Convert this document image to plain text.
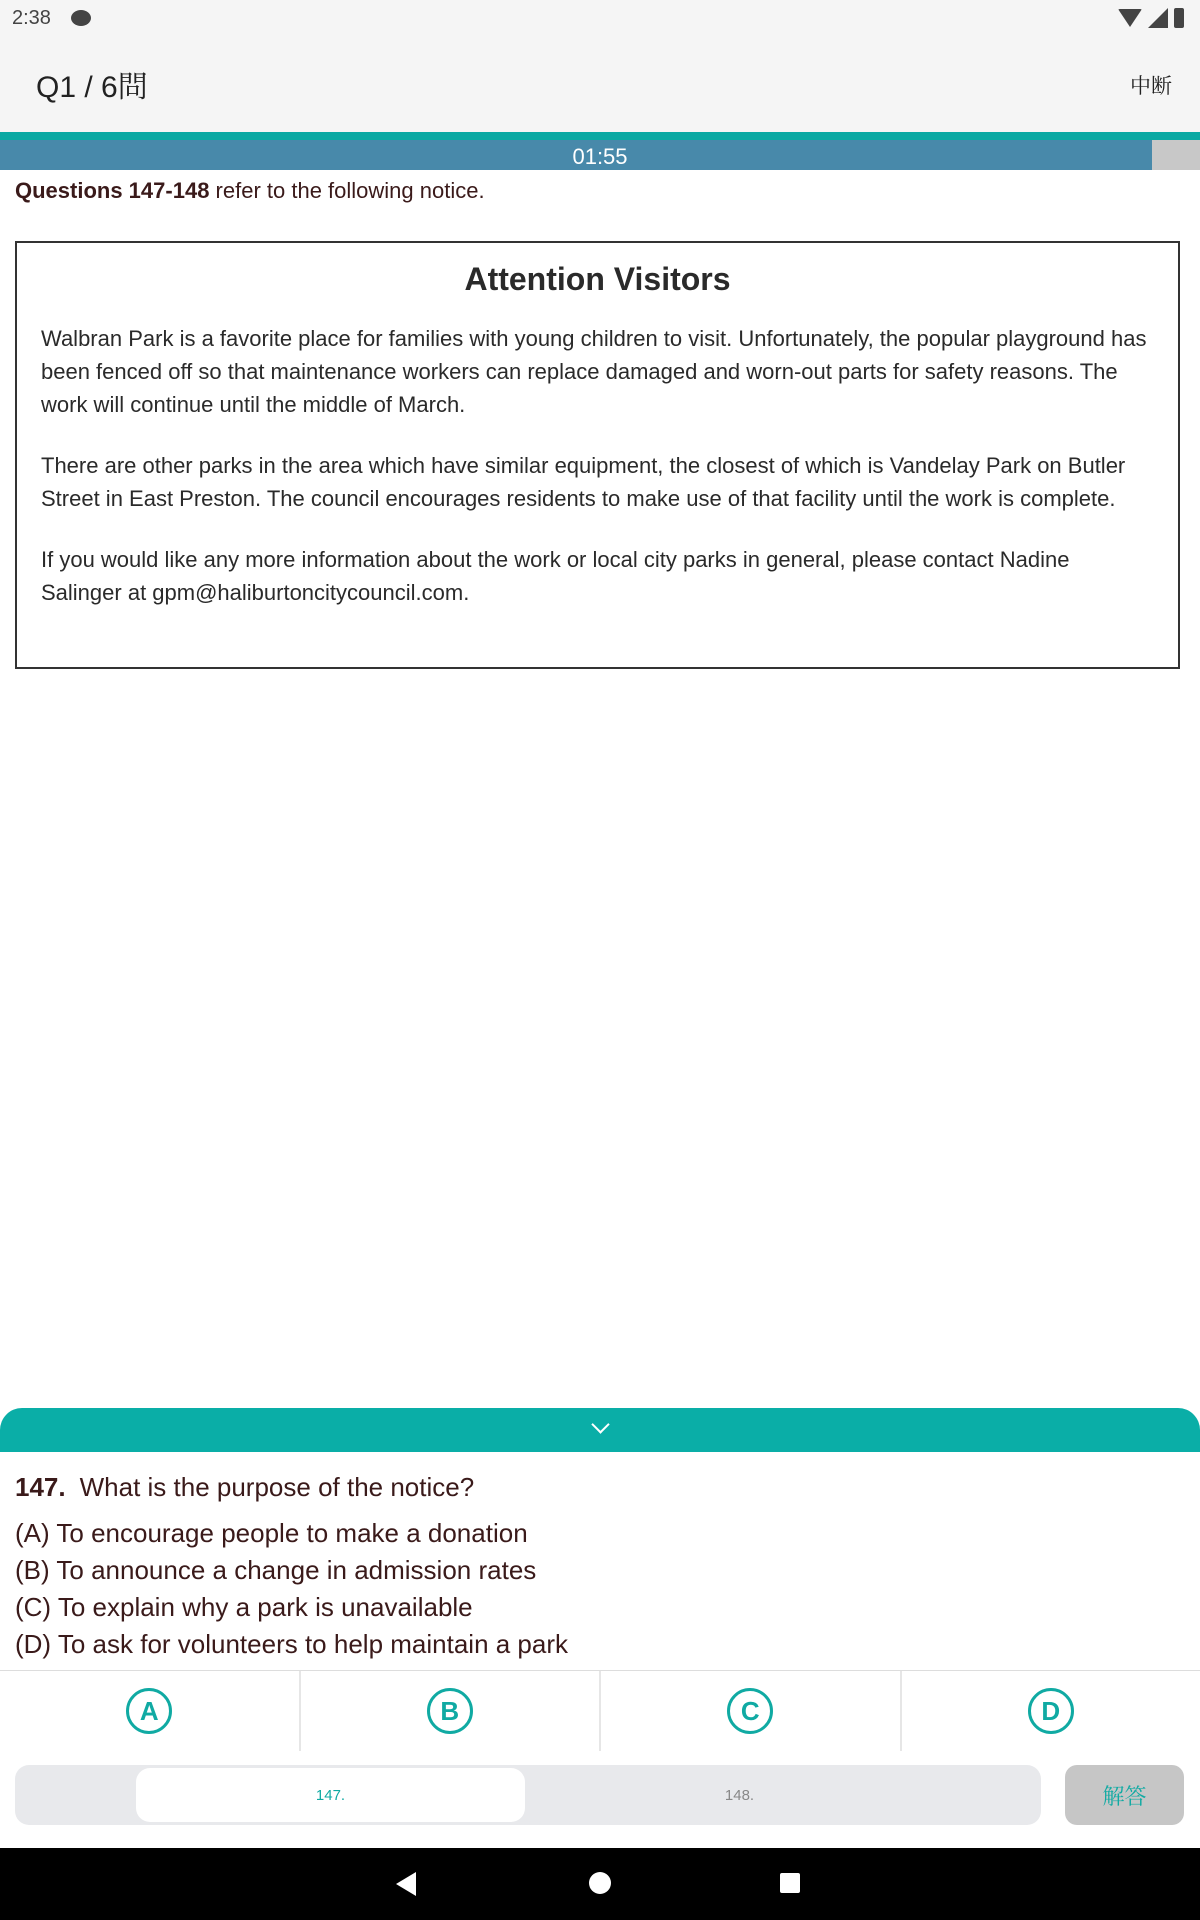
2:38
Q1 / 6問	中断
01:55
Questions 147-148 refer to the following notice.

Attention Visitors

Walbran Park is a favorite place for families with young children to visit. Unfortunately, the popular playground has been fenced off so that maintenance workers can replace damaged and worn-out parts for safety reasons. The work will continue until the middle of March.

There are other parks in the area which have similar equipment, the closest of which is Vandelay Park on Butler Street in East Preston. The council encourages residents to make use of that facility until the work is complete.

If you would like any more information about the work or local city parks in general, please contact Nadine Salinger at gpm@haliburtoncitycouncil.com.

147. What is the purpose of the notice?
(A) To encourage people to make a donation
(B) To announce a change in admission rates
(C) To explain why a park is unavailable
(D) To ask for volunteers to help maintain a park
A	B	C	D
147.	148.	解答
